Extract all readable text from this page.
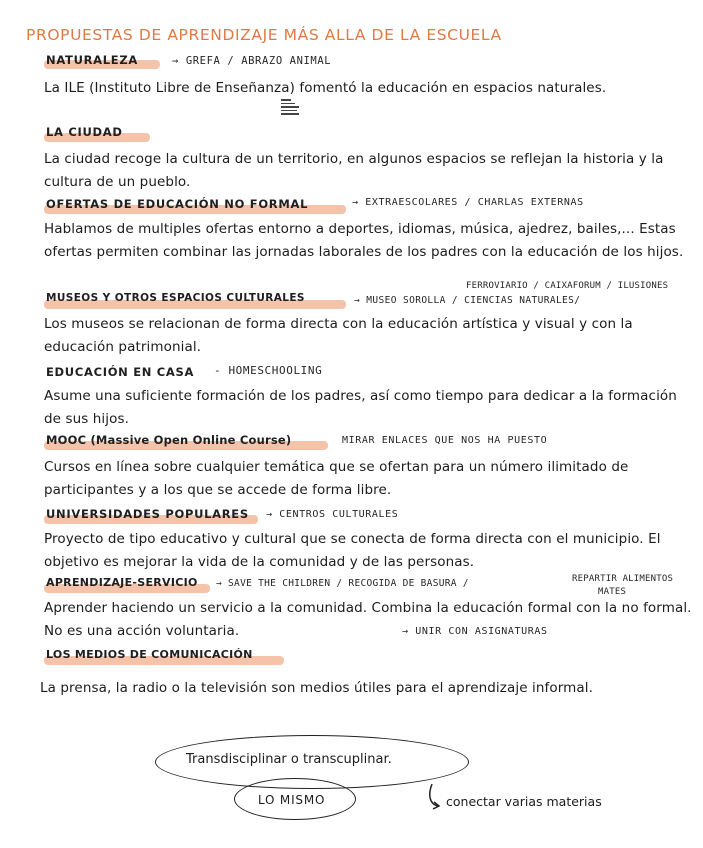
PROPUESTAS DE APRENDIZAJE MÁS ALLA DE LA ESCUELA
NATURALEZA	→ GREFA / ABRAZO ANIMAL
La ILE (Instituto Libre de Enseñanza) fomentó la educación en espacios naturales.
LA CIUDAD
La ciudad recoge la cultura de un territorio, en algunos espacios se reflejan la historia y la cultura de un pueblo.
OFERTAS DE EDUCACIÓN NO FORMAL	→ EXTRAESCOLARES / CHARLAS EXTERNAS
Hablamos de multiples ofertas entorno a deportes, idiomas, música, ajedrez, bailes,... Estas ofertas permiten combinar las jornadas laborales de los padres con la educación de los hijos.
FERROVIARIO / CAIXAFORUM / ILUSIONES
MUSEOS Y OTROS ESPACIOS CULTURALES	→ MUSEO SOROLLA / CIENCIAS NATURALES/
Los museos se relacionan de forma directa con la educación artística y visual y con la educación patrimonial.
EDUCACIÓN EN CASA - HOMESCHOOLING
Asume una suficiente formación de los padres, así como tiempo para dedicar a la formación de sus hijos.
MOOC (Massive Open Online Course)	MIRAR ENLACES QUE NOS HA PUESTO
Cursos en línea sobre cualquier temática que se ofertan para un número ilimitado de participantes y a los que se accede de forma libre.
UNIVERSIDADES POPULARES → CENTROS CULTURALES
Proyecto de tipo educativo y cultural que se conecta de forma directa con el municipio. El objetivo es mejorar la vida de la comunidad y de las personas.
APRENDIZAJE-SERVICIO → SAVE THE CHILDREN / RECOGIDA DE BASURA /	REPARTIR ALIMENTOS
MATES
Aprender haciendo un servicio a la comunidad. Combina la educación formal con la no formal. No es una acción voluntaria.	→ UNIR CON ASIGNATURAS
LOS MEDIOS DE COMUNICACIÓN
La prensa, la radio o la televisión son medios útiles para el aprendizaje informal.
Transdisciplinar o transcuplinar.
LO MISMO	conectar varias materias
